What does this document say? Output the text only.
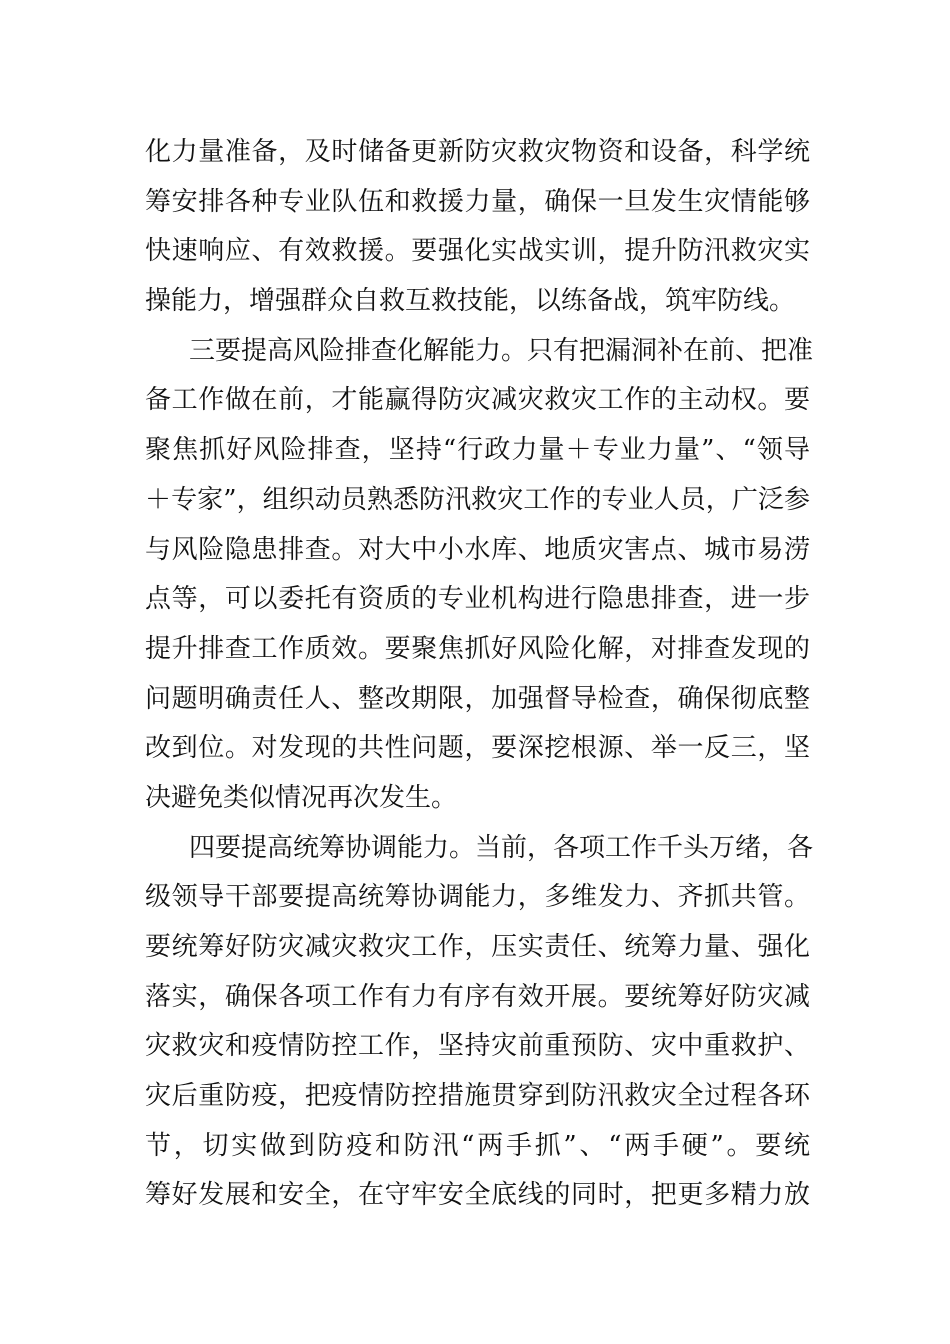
化力量准备，及时储备更新防灾救灾物资和设备，科学统
筹安排各种专业队伍和救援力量，确保一旦发生灾情能够
快速响应、有效救援。要强化实战实训，提升防汛救灾实
操能力，增强群众自救互救技能，以练备战，筑牢防线。
三要提高风险排查化解能力。只有把漏洞补在前、把准
备工作做在前，才能赢得防灾减灾救灾工作的主动权。要
聚焦抓好风险排查，坚持“行政力量＋专业力量”、“领导
＋专家”，组织动员熟悉防汛救灾工作的专业人员，广泛参
与风险隐患排查。对大中小水库、地质灾害点、城市易涝
点等，可以委托有资质的专业机构进行隐患排查，进一步
提升排查工作质效。要聚焦抓好风险化解，对排查发现的
问题明确责任人、整改期限，加强督导检查，确保彻底整
改到位。对发现的共性问题，要深挖根源、举一反三，坚
决避免类似情况再次发生。
四要提高统筹协调能力。当前，各项工作千头万绪，各
级领导干部要提高统筹协调能力，多维发力、齐抓共管。
要统筹好防灾减灾救灾工作，压实责任、统筹力量、强化
落实，确保各项工作有力有序有效开展。要统筹好防灾减
灾救灾和疫情防控工作，坚持灾前重预防、灾中重救护、
灾后重防疫，把疫情防控措施贯穿到防汛救灾全过程各环
节，切实做到防疫和防汛“两手抓”、“两手硬”。要统
筹好发展和安全，在守牢安全底线的同时，把更多精力放
